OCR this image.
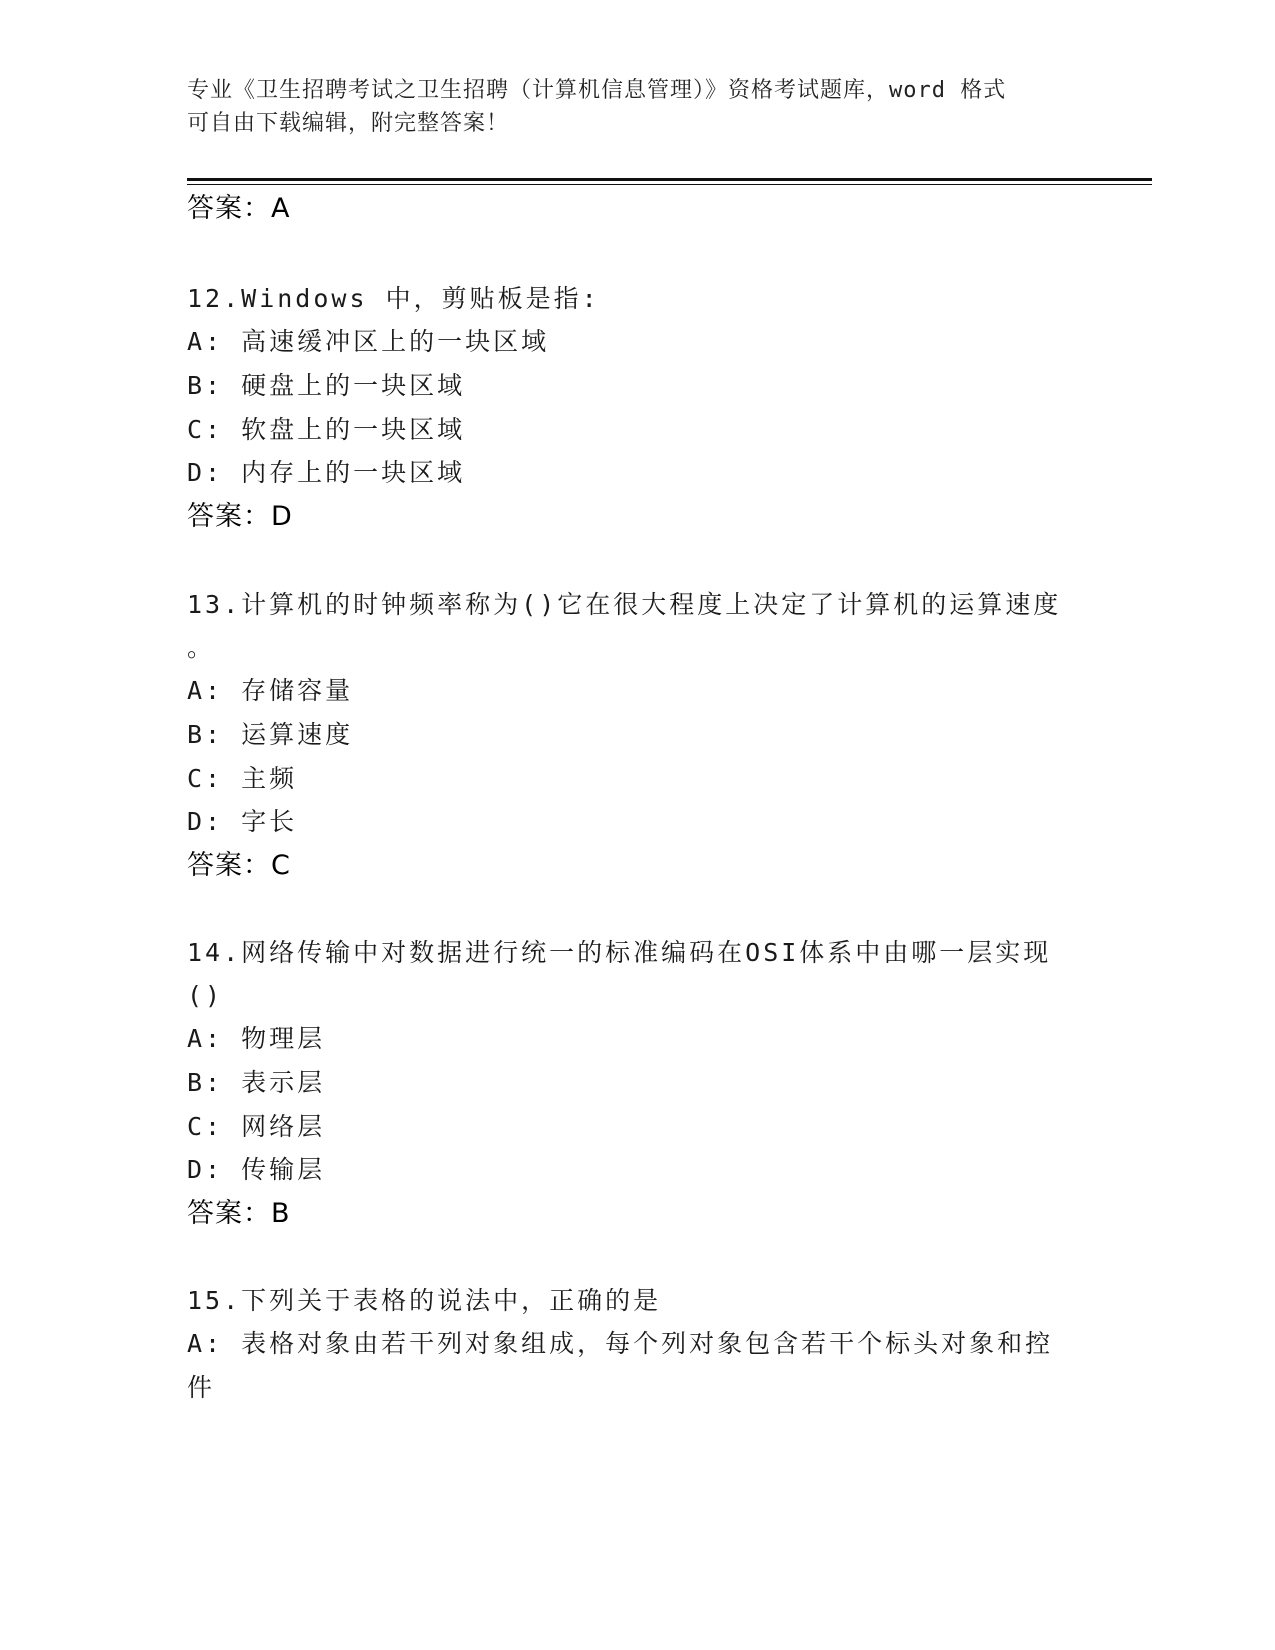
专业《卫生招聘考试之卫生招聘（计算机信息管理）》资格考试题库，word 格式
可自由下载编辑，附完整答案！
答案：A
12.Windows 中，剪贴板是指:
A: 高速缓冲区上的一块区域
B: 硬盘上的一块区域
C: 软盘上的一块区域
D: 内存上的一块区域
答案：D
13.计算机的时钟频率称为()它在很大程度上决定了计算机的运算速度
。
A: 存储容量
B: 运算速度
C: 主频
D: 字长
答案：C
14.网络传输中对数据进行统一的标准编码在OSI体系中由哪一层实现
()
A: 物理层
B: 表示层
C: 网络层
D: 传输层
答案：B
15.下列关于表格的说法中，正确的是
A: 表格对象由若干列对象组成，每个列对象包含若干个标头对象和控
件
